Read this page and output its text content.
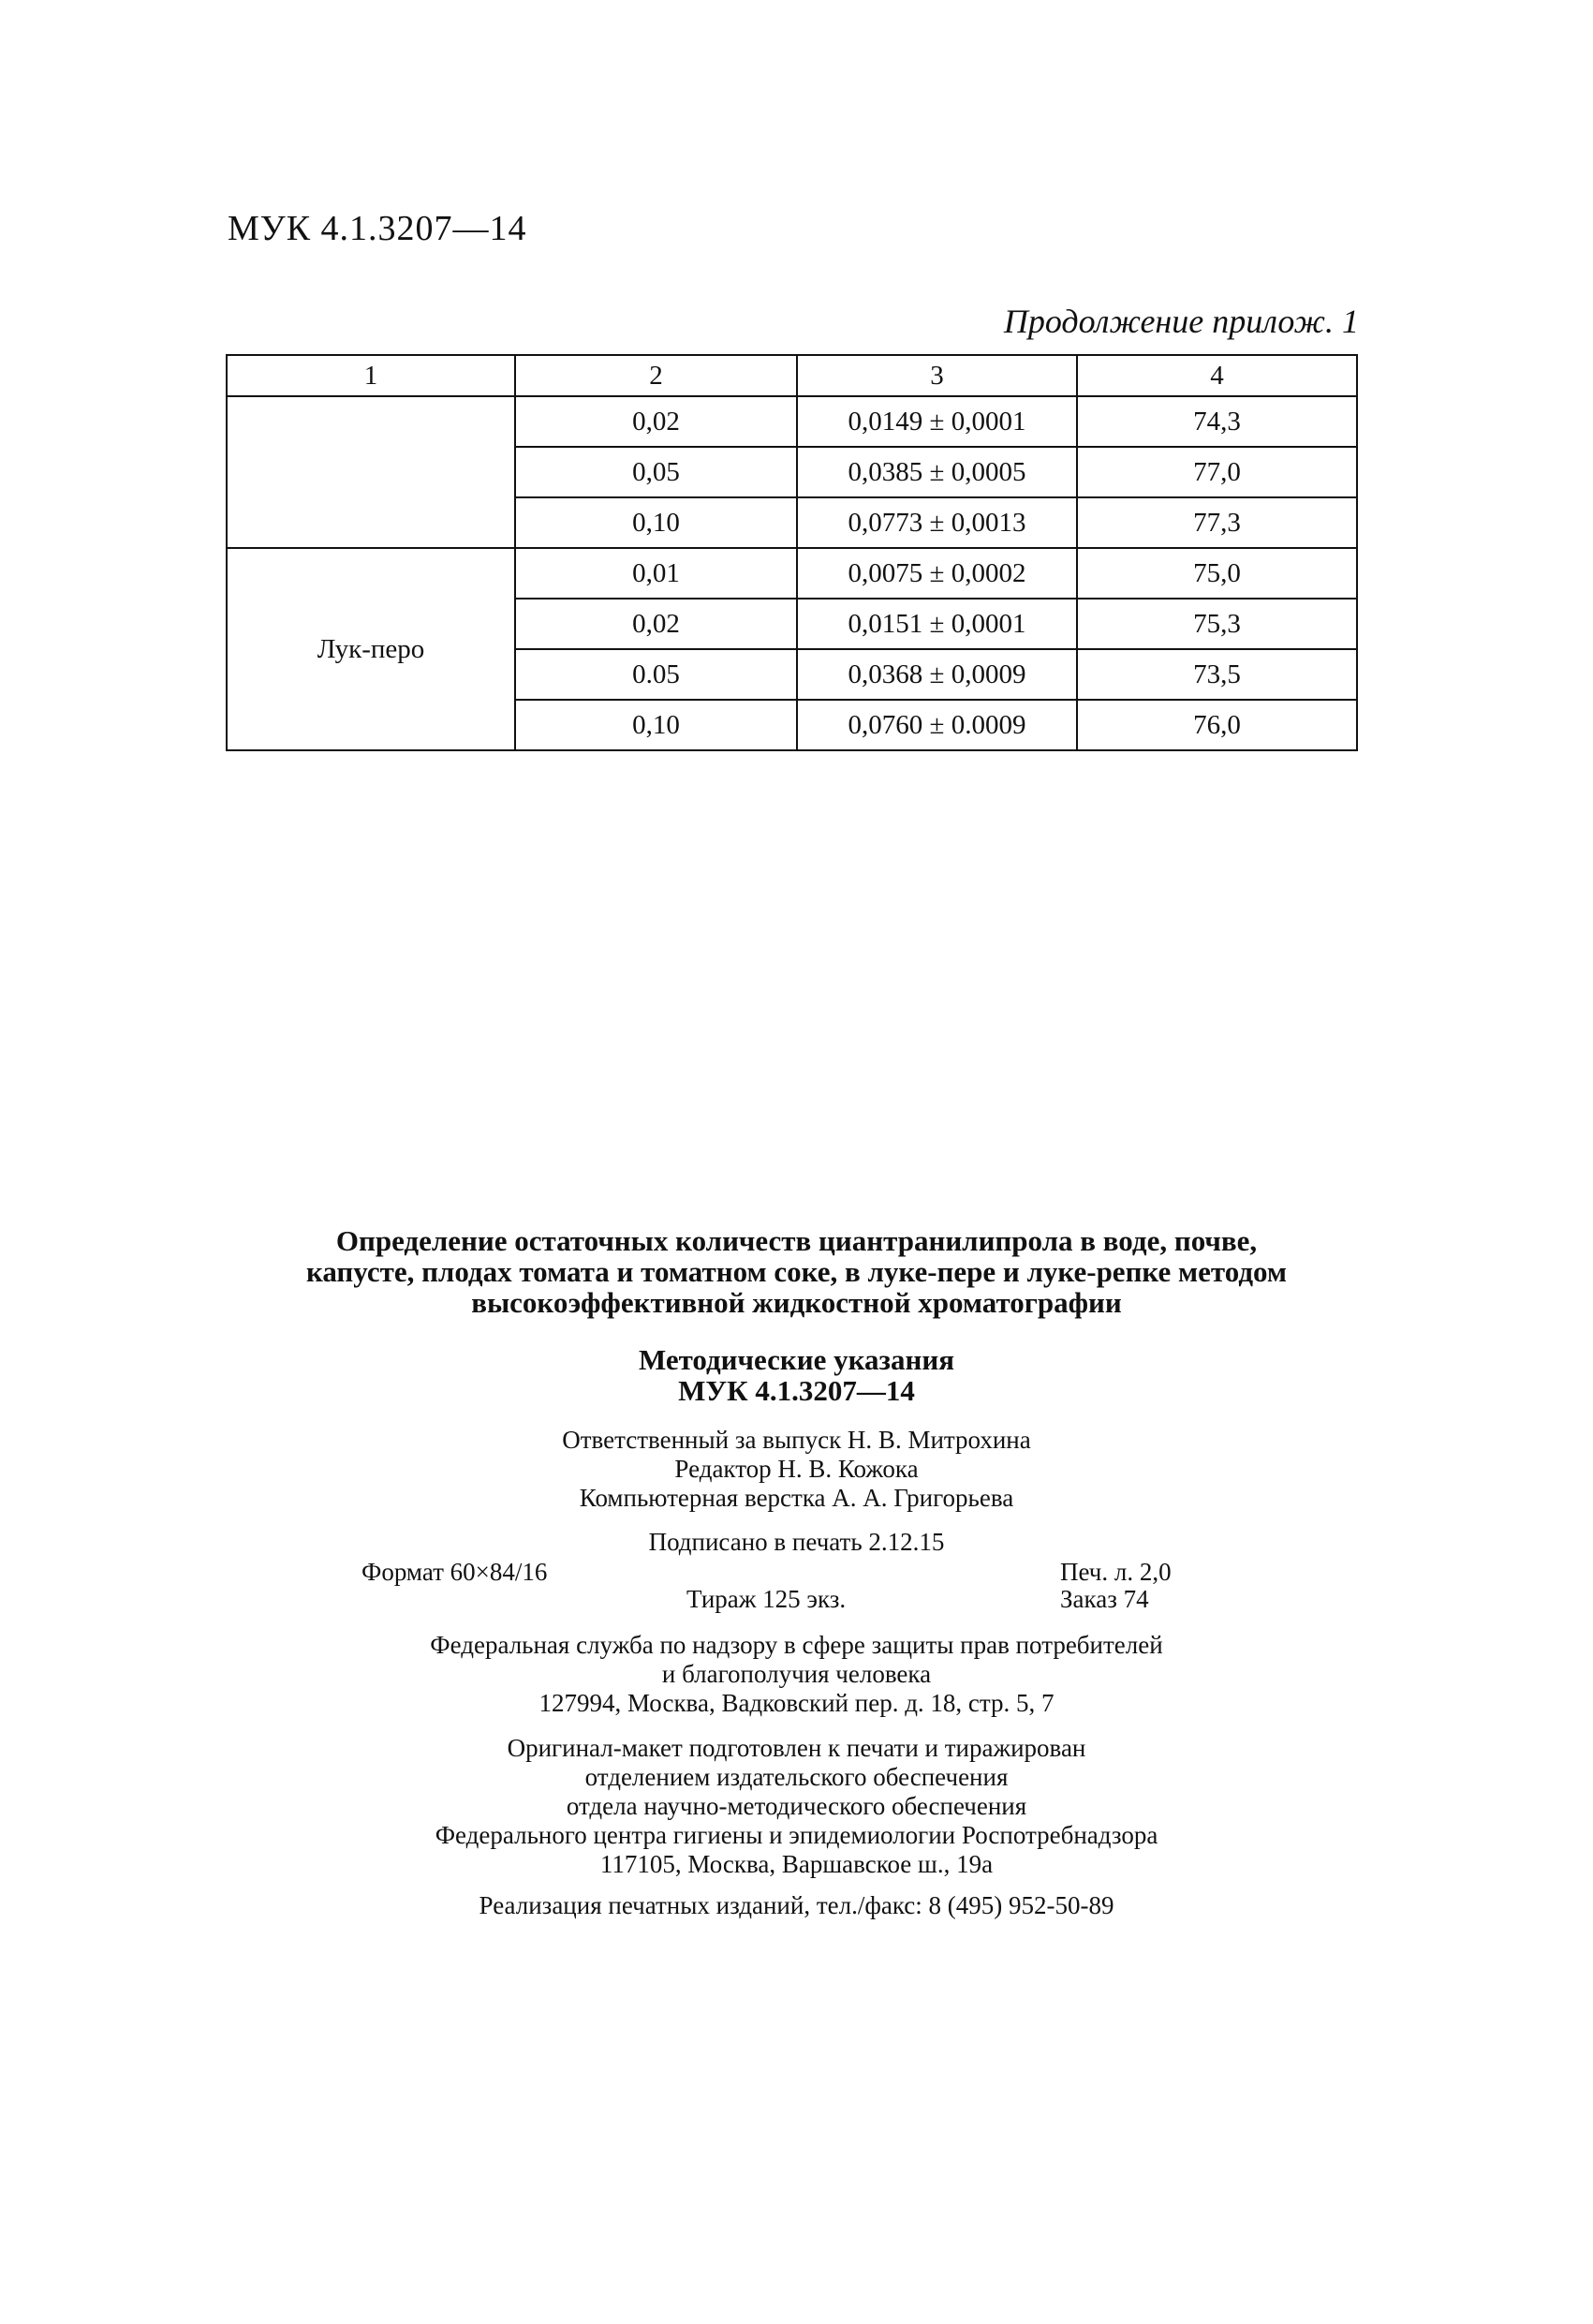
МУК 4.1.3207—14
Продолжение прилож. 1
1	2	3	4
	0,02	0,0149 ± 0,0001	74,3
	0,05	0,0385 ± 0,0005	77,0
	0,10	0,0773 ± 0,0013	77,3
Лук-перо	0,01	0,0075 ± 0,0002	75,0
	0,02	0,0151 ± 0,0001	75,3
	0.05	0,0368 ± 0,0009	73,5
	0,10	0,0760 ± 0.0009	76,0
Определение остаточных количеств циантранилипрола в воде, почве,
капусте, плодах томата и томатном соке, в луке-пере и луке-репке методом
высокоэффективной жидкостной хроматографии
Методические указания
МУК 4.1.3207—14
Ответственный за выпуск Н. В. Митрохина
Редактор Н. В. Кожока
Компьютерная верстка А. А. Григорьева
Подписано в печать 2.12.15
Формат 60×84/16	Печ. л. 2,0
Тираж 125 экз.	Заказ 74
Федеральная служба по надзору в сфере защиты прав потребителей
и благополучия человека
127994, Москва, Вадковский пер. д. 18, стр. 5, 7
Оригинал-макет подготовлен к печати и тиражирован
отделением издательского обеспечения
отдела научно-методического обеспечения
Федерального центра гигиены и эпидемиологии Роспотребнадзора
117105, Москва, Варшавское ш., 19а
Реализация печатных изданий, тел./факс: 8 (495) 952-50-89
